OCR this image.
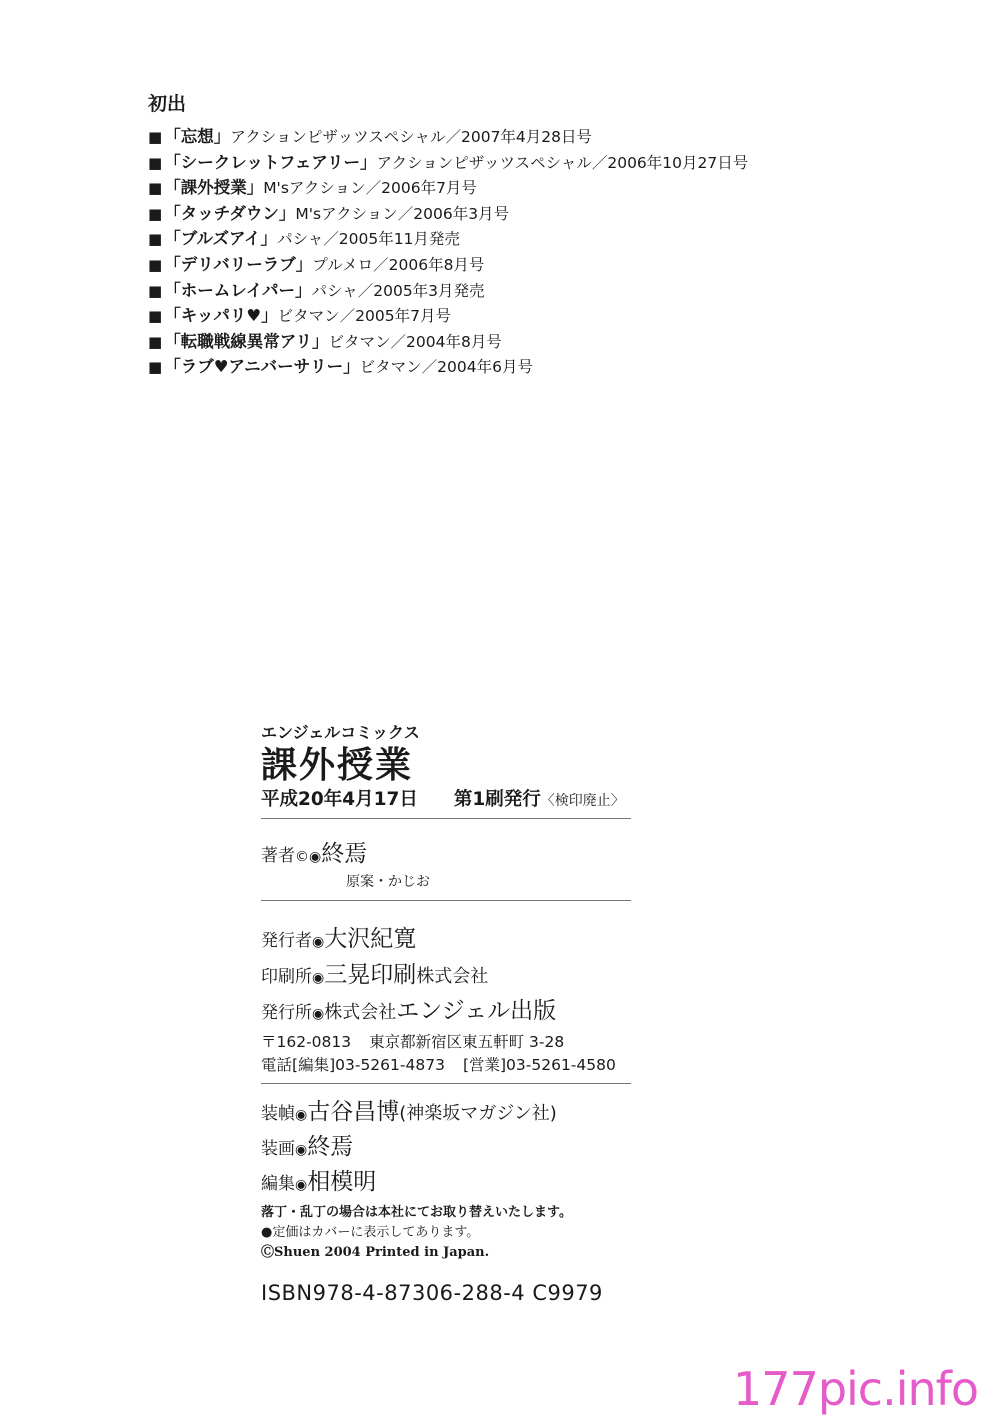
初出
■ 「忘想」アクションピザッツスペシャル／2007年4月28日号
■ 「シークレットフェアリー」アクションピザッツスペシャル／2006年10月27日号
■ 「課外授業」M'sアクション／2006年7月号
■ 「タッチダウン」M'sアクション／2006年3月号
■ 「ブルズアイ」パシャ／2005年11月発売
■ 「デリバリーラブ」プルメロ／2006年8月号
■ 「ホームレイパー」パシャ／2005年3月発売
■ 「キッパリ♥」ビタマン／2005年7月号
■ 「転職戦線異常アリ」ビタマン／2004年8月号
■ 「ラブ♥アニバーサリー」ビタマン／2004年6月号
エンジェルコミックス
課外授業
平成20年4月17日 第1刷発行〈検印廃止〉
著者©◉終焉
原案・かじお
発行者◉大沢紀寛
印刷所◉三晃印刷株式会社
発行所◉株式会社エンジェル出版
〒162-0813 東京都新宿区東五軒町 3-28
電話[編集]03-5261-4873 [営業]03-5261-4580
装幀◉古谷昌博(神楽坂マガジン社)
装画◉終焉
編集◉相模明
落丁・乱丁の場合は本社にてお取り替えいたします。
●定価はカバーに表示してあります。
ⒸShuen 2004 Printed in Japan.
ISBN978-4-87306-288-4 C9979
177pic.info
